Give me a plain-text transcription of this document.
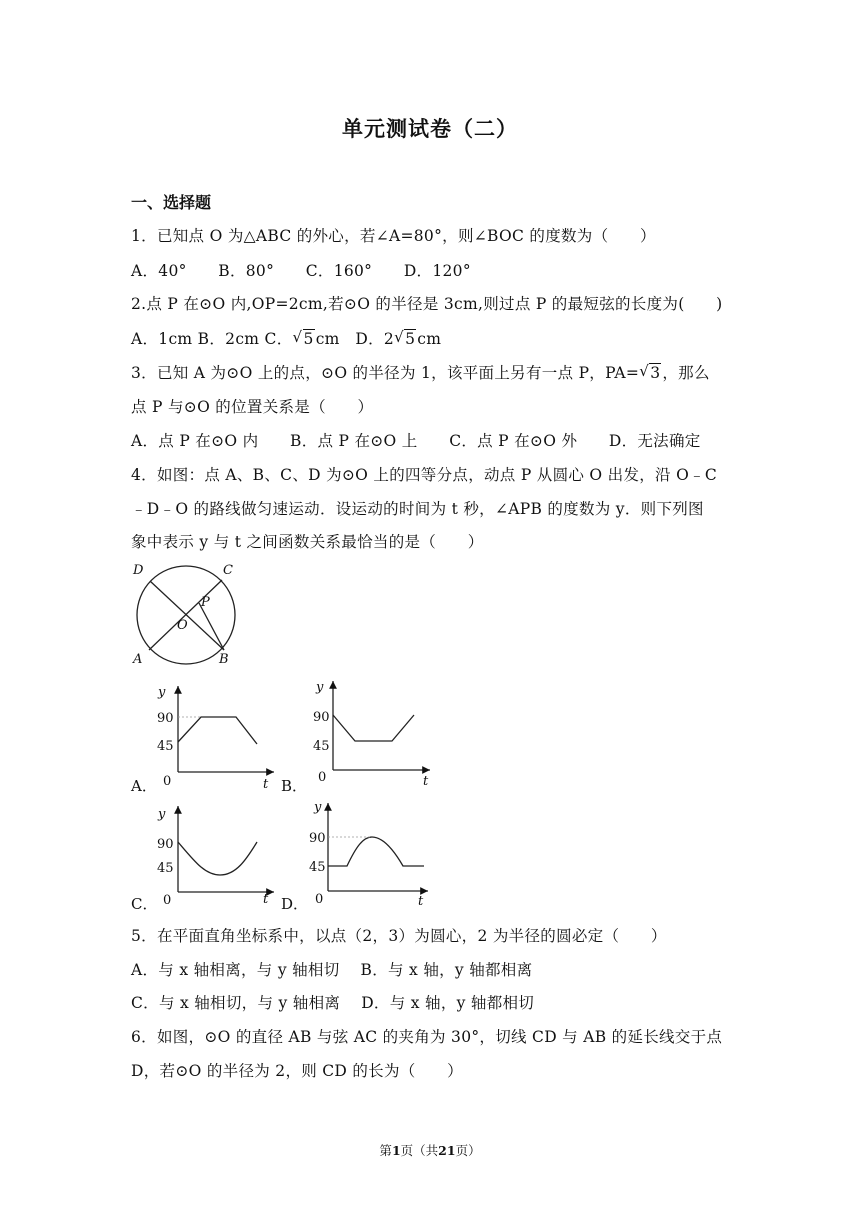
单元测试卷（二）
一、选择题
1．已知点 O 为△ABC 的外心，若∠A=80°，则∠BOC 的度数为（　　）
A．40°　　B．80°　　C．160°　　D．120°
2.点 P 在⊙O 内,OP=2cm,若⊙O 的半径是 3cm,则过点 P 的最短弦的长度为(　　)
A．1cm B．2cm C． √ 5 cm D．2 √ 5 cm
3．已知 A 为⊙O 上的点，⊙O 的半径为 1，该平面上另有一点 P，PA= √ 3 ，那么
点 P 与⊙O 的位置关系是（　　）
A．点 P 在⊙O 内　　B．点 P 在⊙O 上　　C．点 P 在⊙O 外　　D．无法确定
4．如图：点 A、B、C、D 为⊙O 上的四等分点，动点 P 从圆心 O 出发，沿 O﹣C
﹣D﹣O 的路线做匀速运动．设运动的时间为 t 秒，∠APB 的度数为 y．则下列图
象中表示 y 与 t 之间函数关系最恰当的是（　　）
D	C
P
O
A	B
A．	B．
C．	D．
y
90
45
0	t
y
90
45
0	t
y
90
45
0	t
y
90
45
0	t
5．在平面直角坐标系中，以点（2，3）为圆心，2 为半径的圆必定（　　）
A．与 x 轴相离，与 y 轴相切　 B．与 x 轴，y 轴都相离
C．与 x 轴相切，与 y 轴相离　 D．与 x 轴，y 轴都相切
6．如图，⊙O 的直径 AB 与弦 AC 的夹角为 30°，切线 CD 与 AB 的延长线交于点
D，若⊙O 的半径为 2，则 CD 的长为（　　）
第1页（共21页）
